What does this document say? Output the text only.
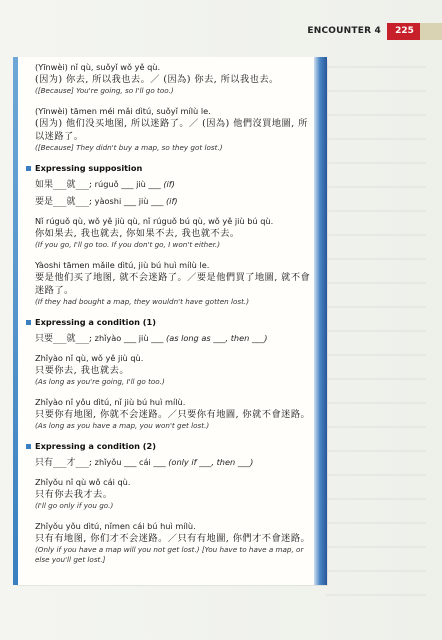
ENCOUNTER 4	225
(Yīnwèi) nǐ qù, suǒyǐ wǒ yě qù.
(因为) 你去, 所以我也去。／ (因為) 你去, 所以我也去。
([Because] You're going, so I'll go too.)
(Yīnwèi) tāmen méi mǎi dìtú, suǒyǐ mílù le.
(因为) 他们没买地图, 所以迷路了。／ (因為) 他們沒買地圖, 所以迷路了。
([Because] They didn't buy a map, so they got lost.)
Expressing supposition
如果___就___; rúguǒ ___ jiù ___ (if)
要是___就___; yàoshi ___ jiù ___ (if)
Nǐ rúguǒ qù, wǒ yě jiù qù, nǐ rúguǒ bú qù, wǒ yě jiù bú qù.
你如果去, 我也就去, 你如果不去, 我也就不去。
(If you go, I'll go too. If you don't go, I won't either.)
Yàoshi tāmen mǎile dìtú, jiù bú huì mílù le.
要是他们买了地图, 就不会迷路了。／要是他們買了地圖, 就不會迷路了。
(If they had bought a map, they wouldn't have gotten lost.)
Expressing a condition (1)
只要___就___; zhǐyào ___ jiù ___ (as long as ___, then ___)
Zhǐyào nǐ qù, wǒ yě jiù qù.
只要你去, 我也就去。
(As long as you're going, I'll go too.)
Zhǐyào nǐ yǒu dìtú, nǐ jiù bú huì mílù.
只要你有地图, 你就不会迷路。／只要你有地圖, 你就不會迷路。
(As long as you have a map, you won't get lost.)
Expressing a condition (2)
只有___才___; zhǐyǒu ___ cái ___ (only if ___, then ___)
Zhǐyǒu nǐ qù wǒ cái qù.
只有你去我才去。
(I'll go only if you go.)
Zhǐyǒu yǒu dìtú, nǐmen cái bú huì mílù.
只有有地图, 你们才不会迷路。／只有有地圖, 你們才不會迷路。
(Only if you have a map will you not get lost.) [You have to have a map, or else you'll get lost.]
